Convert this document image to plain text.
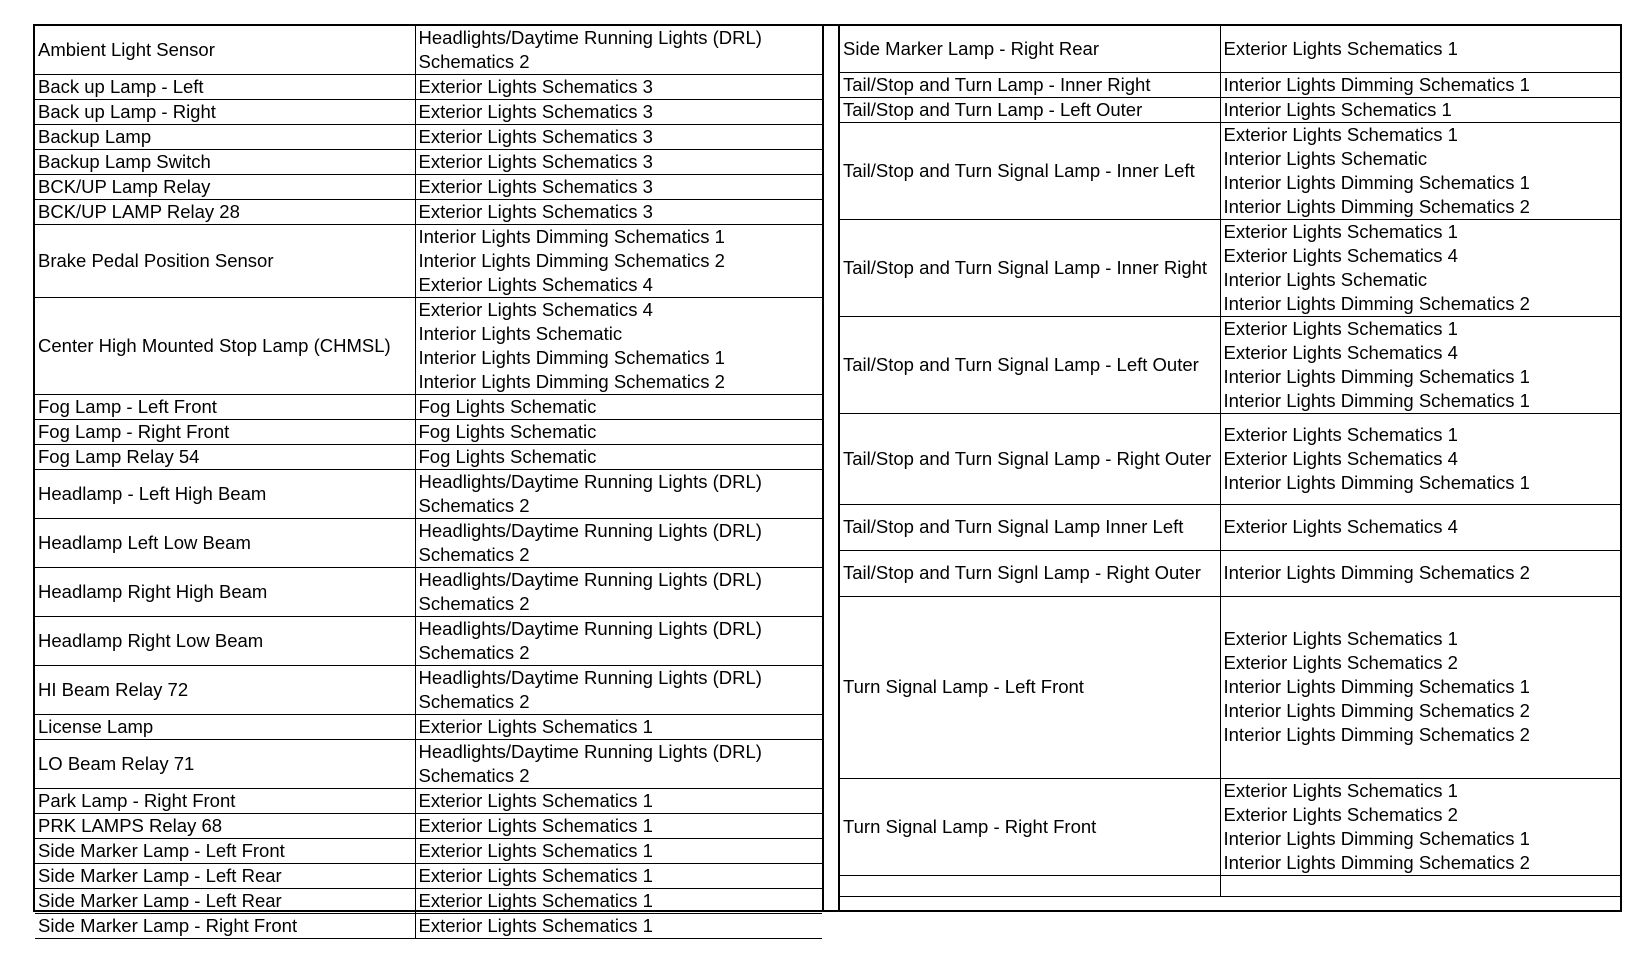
Ambient Light Sensor	Headlights/Daytime Running Lights (DRL) Schematics 2

Back up Lamp - Left	Exterior Lights Schematics 3

Back up Lamp - Right	Exterior Lights Schematics 3

Backup Lamp	Exterior Lights Schematics 3

Backup Lamp Switch	Exterior Lights Schematics 3

BCK/UP Lamp Relay	Exterior Lights Schematics 3

BCK/UP LAMP Relay 28	Exterior Lights Schematics 3

Brake Pedal Position Sensor	Interior Lights Dimming Schematics 1
Interior Lights Dimming Schematics 2
Exterior Lights Schematics 4

Center High Mounted Stop Lamp (CHMSL)	Exterior Lights Schematics 4
Interior Lights Schematic
Interior Lights Dimming Schematics 1
Interior Lights Dimming Schematics 2

Fog Lamp - Left Front	Fog Lights Schematic

Fog Lamp - Right Front	Fog Lights Schematic

Fog Lamp Relay 54	Fog Lights Schematic

Headlamp - Left High Beam	Headlights/Daytime Running Lights (DRL) Schematics 2

Headlamp Left Low Beam	Headlights/Daytime Running Lights (DRL) Schematics 2

Headlamp Right High Beam	Headlights/Daytime Running Lights (DRL) Schematics 2

Headlamp Right Low Beam	Headlights/Daytime Running Lights (DRL) Schematics 2

HI Beam Relay 72	Headlights/Daytime Running Lights (DRL) Schematics 2

License Lamp	Exterior Lights Schematics 1

LO Beam Relay 71	Headlights/Daytime Running Lights (DRL) Schematics 2

Park Lamp - Right Front	Exterior Lights Schematics 1

PRK LAMPS Relay 68	Exterior Lights Schematics 1

Side Marker Lamp - Left Front	Exterior Lights Schematics 1

Side Marker Lamp - Left Rear	Exterior Lights Schematics 1

Side Marker Lamp - Left Rear	Exterior Lights Schematics 1

Side Marker Lamp - Right Front	Exterior Lights Schematics 1
Side Marker Lamp - Right Rear	Exterior Lights Schematics 1

Tail/Stop and Turn Lamp - Inner Right	Interior Lights Dimming Schematics 1

Tail/Stop and Turn Lamp - Left Outer	Interior Lights Schematics 1

Tail/Stop and Turn Signal Lamp - Inner Left	Exterior Lights Schematics 1
Interior Lights Schematic
Interior Lights Dimming Schematics 1
Interior Lights Dimming Schematics 2

Tail/Stop and Turn Signal Lamp - Inner Right	Exterior Lights Schematics 1
Exterior Lights Schematics 4
Interior Lights Schematic
Interior Lights Dimming Schematics 2

Tail/Stop and Turn Signal Lamp - Left Outer	Exterior Lights Schematics 1
Exterior Lights Schematics 4
Interior Lights Dimming Schematics 1
Interior Lights Dimming Schematics 1

Tail/Stop and Turn Signal Lamp - Right Outer	Exterior Lights Schematics 1
Exterior Lights Schematics 4
Interior Lights Dimming Schematics 1

Tail/Stop and Turn Signal Lamp Inner Left	Exterior Lights Schematics 4

Tail/Stop and Turn Signl Lamp - Right Outer	Interior Lights Dimming Schematics 2

Turn Signal Lamp - Left Front	Exterior Lights Schematics 1
Exterior Lights Schematics 2
Interior Lights Dimming Schematics 1
Interior Lights Dimming Schematics 2
Interior Lights Dimming Schematics 2

Turn Signal Lamp - Right Front	Exterior Lights Schematics 1
Exterior Lights Schematics 2
Interior Lights Dimming Schematics 1
Interior Lights Dimming Schematics 2
